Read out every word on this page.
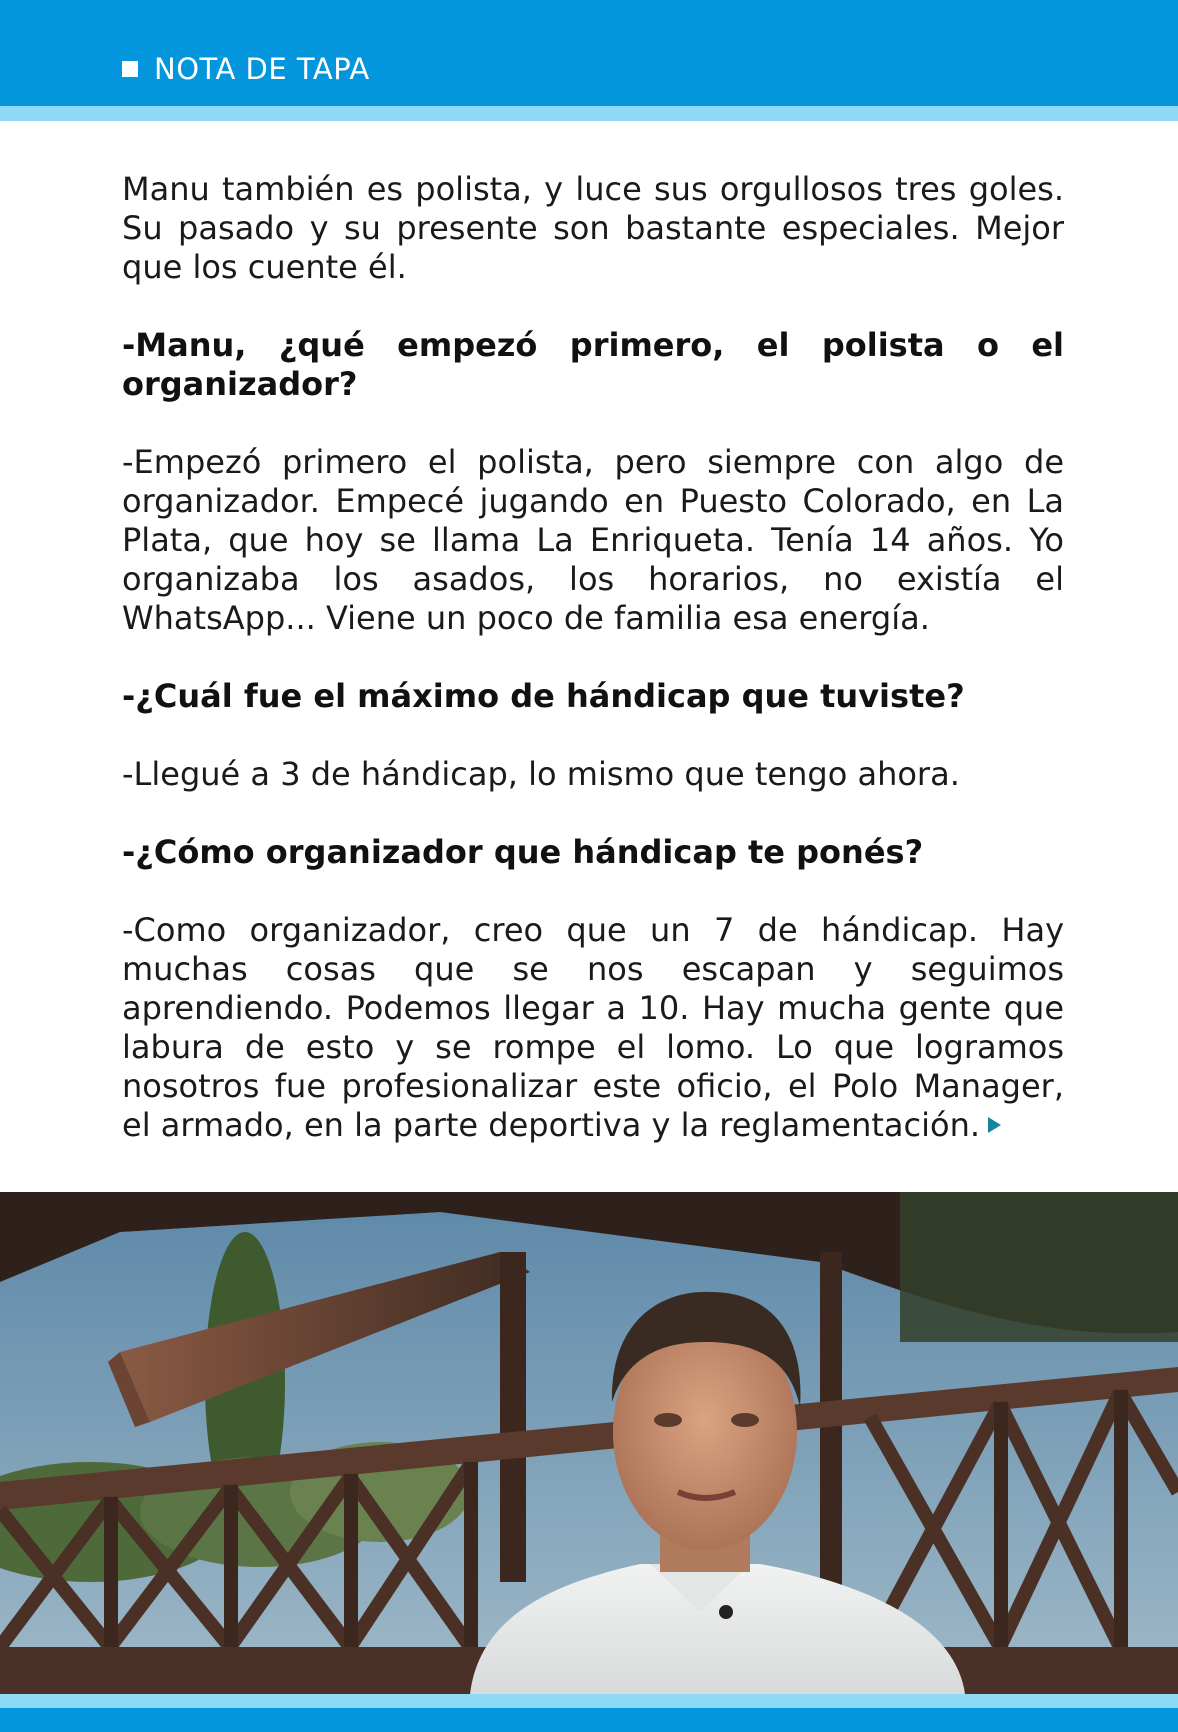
NOTA DE TAPA

Manu también es polista, y luce sus orgullosos tres goles. Su pasado y su presente son bastante especiales. Mejor que los cuente él.

-Manu, ¿qué empezó primero, el polista o el organizador?

-Empezó primero el polista, pero siempre con algo de organizador. Empecé jugando en Puesto Colorado, en La Plata, que hoy se llama La Enriqueta. Tenía 14 años. Yo organizaba los asados, los horarios, no existía el WhatsApp... Viene un poco de familia esa energía.

-¿Cuál fue el máximo de hándicap que tuviste?

-Llegué a 3 de hándicap, lo mismo que tengo ahora.

-¿Cómo organizador que hándicap te ponés?

-Como organizador, creo que un 7 de hándicap. Hay muchas cosas que se nos escapan y seguimos aprendiendo. Podemos llegar a 10. Hay mucha gente que labura de esto y se rompe el lomo. Lo que logramos nosotros fue profesionalizar este oficio, el Polo Manager, el armado, en la parte deportiva y la reglamentación.
